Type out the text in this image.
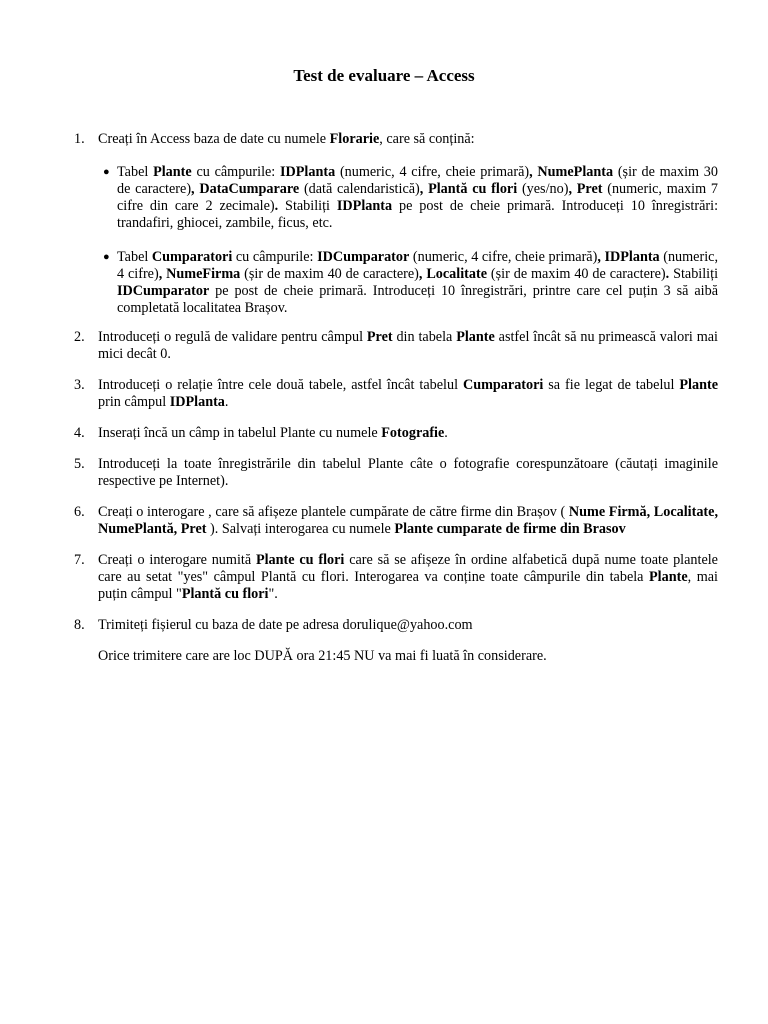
Test de evaluare – Access
1. Creați în Access baza de date cu numele Florarie, care să conțină:
● Tabel Plante cu câmpurile: IDPlanta (numeric, 4 cifre, cheie primară), NumePlanta (șir de maxim 30 de caractere), DataCumparare (dată calendaristică), Plantă cu flori (yes/no), Pret (numeric, maxim 7 cifre din care 2 zecimale). Stabiliți IDPlanta pe post de cheie primară. Introduceți 10 înregistrări: trandafiri, ghiocei, zambile, ficus, etc.
● Tabel Cumparatori cu câmpurile: IDCumparator (numeric, 4 cifre, cheie primară), IDPlanta (numeric, 4 cifre), NumeFirma (șir de maxim 40 de caractere), Localitate (șir de maxim 40 de caractere). Stabiliți IDCumparator pe post de cheie primară. Introduceți 10 înregistrări, printre care cel puțin 3 să aibă completată localitatea Brașov.
2. Introduceți o regulă de validare pentru câmpul Pret din tabela Plante astfel încât să nu primească valori mai mici decât 0.
3. Introduceți o relație între cele două tabele, astfel încât tabelul Cumparatori sa fie legat de tabelul Plante prin câmpul IDPlanta.
4. Inserați încă un câmp in tabelul Plante cu numele Fotografie.
5. Introduceți la toate înregistrările din tabelul Plante câte o fotografie corespunzătoare (căutați imaginile respective pe Internet).
6. Creați o interogare , care să afișeze plantele cumpărate de către firme din Brașov ( Nume Firmă, Localitate, NumePlantă, Pret ). Salvați interogarea cu numele Plante cumparate de firme din Brasov
7. Creați o interogare numită Plante cu flori care să se afișeze în ordine alfabetică după nume toate plantele care au setat "yes" câmpul Plantă cu flori. Interogarea va conține toate câmpurile din tabela Plante, mai puțin câmpul "Plantă cu flori".
8. Trimiteți fișierul cu baza de date pe adresa dorulique@yahoo.com
Orice trimitere care are loc DUPĂ ora 21:45 NU va mai fi luată în considerare.
